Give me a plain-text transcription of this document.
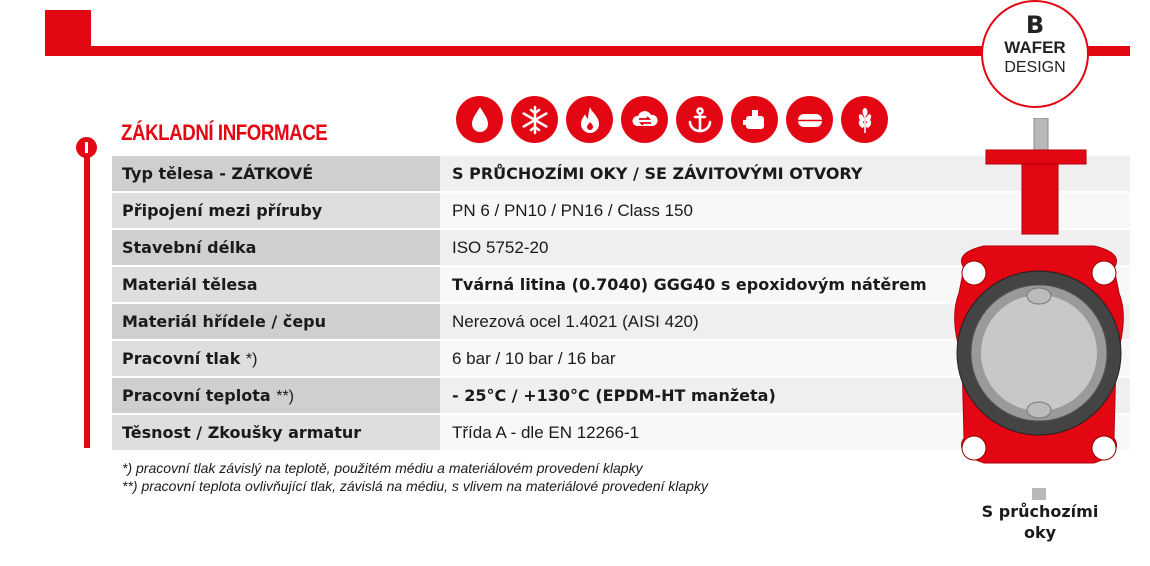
B
WAFER
DESIGN
ZÁKLADNÍ INFORMACE
Typ tělesa - ZÁTKOVÉ	S PRŮCHOZÍMI OKY / SE ZÁVITOVÝMI OTVORY
Připojení mezi příruby	PN 6 / PN10 / PN16 / Class 150
Stavební délka	ISO 5752-20
Materiál tělesa	Tvárná litina (0.7040) GGG40 s epoxidovým nátěrem
Materiál hřídele / čepu	Nerezová ocel 1.4021 (AISI 420)
Pracovní tlak *)	6 bar / 10 bar / 16 bar
Pracovní teplota **)	- 25°C / +130°C (EPDM-HT manžeta)
Těsnost / Zkoušky armatur	Třída A - dle EN 12266-1
*) pracovní tlak závislý na teplotě, použitém médiu a materiálovém provedení klapky
**) pracovní teplota ovlivňující tlak, závislá na médiu, s vlivem na materiálové provedení klapky
S průchozími
oky
